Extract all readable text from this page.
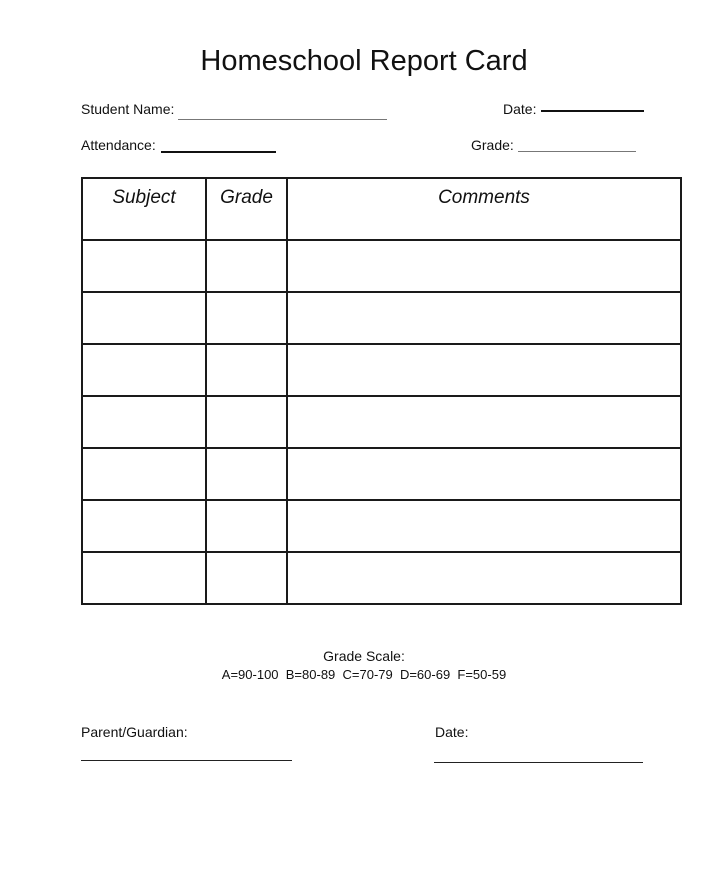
Homeschool Report Card
Student Name:	Date:
Attendance:	Grade:
Subject	Grade	Comments

Grade Scale:
A=90-100  B=80-89  C=70-79  D=60-69  F=50-59
Parent/Guardian:	Date:
